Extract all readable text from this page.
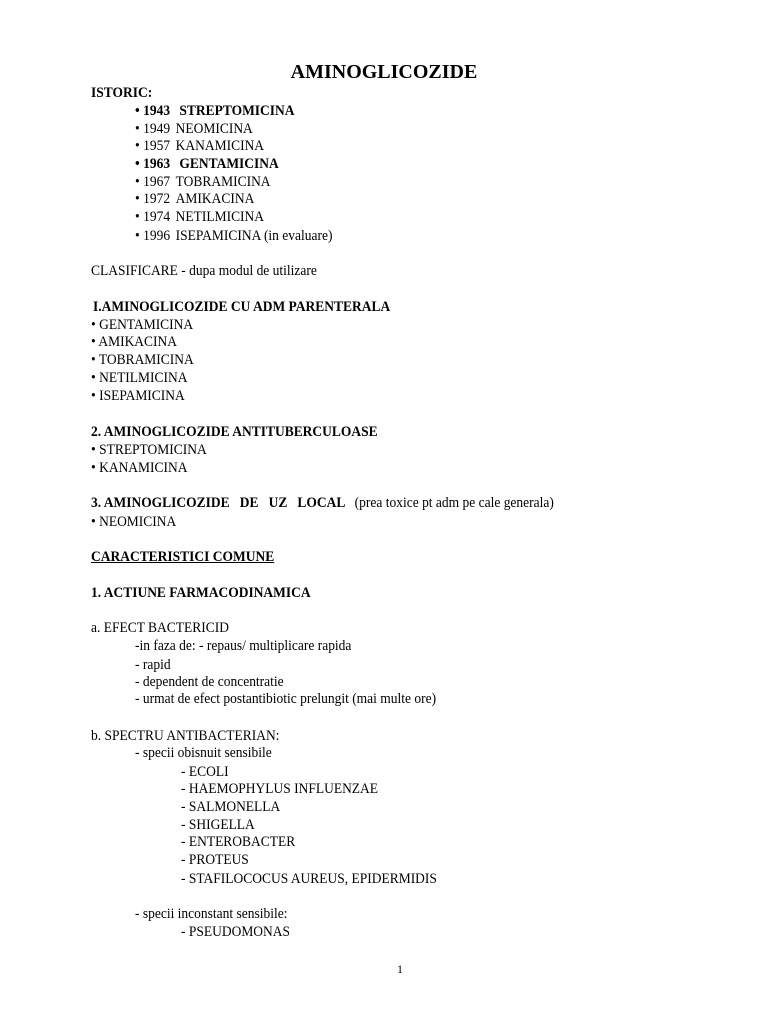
AMINOGLICOZIDE
ISTORIC:
• 1943 STREPTOMICINA
• 1949 NEOMICINA
• 1957 KANAMICINA
• 1963 GENTAMICINA
• 1967 TOBRAMICINA
• 1972 AMIKACINA
• 1974 NETILMICINA
• 1996 ISEPAMICINA (in evaluare)
CLASIFICARE - dupa modul de utilizare
I.AMINOGLICOZIDE CU ADM PARENTERALA
• GENTAMICINA
• AMIKACINA
• TOBRAMICINA
• NETILMICINA
• ISEPAMICINA
2. AMINOGLICOZIDE ANTITUBERCULOASE
• STREPTOMICINA
• KANAMICINA
3. AMINOGLICOZIDE   DE   UZ   LOCAL (prea toxice pt adm pe cale generala)
• NEOMICINA
CARACTERISTICI COMUNE
1. ACTIUNE FARMACODINAMICA
a. EFECT BACTERICID
-in faza de: - repaus/ multiplicare rapida
- rapid
- dependent de concentratie
- urmat de efect postantibiotic prelungit (mai multe ore)
b. SPECTRU ANTIBACTERIAN:
- specii obisnuit sensibile
- ECOLI
- HAEMOPHYLUS INFLUENZAE
- SALMONELLA
- SHIGELLA
- ENTEROBACTER
- PROTEUS
- STAFILOCOCUS AUREUS, EPIDERMIDIS
- specii inconstant sensibile:
- PSEUDOMONAS
1
